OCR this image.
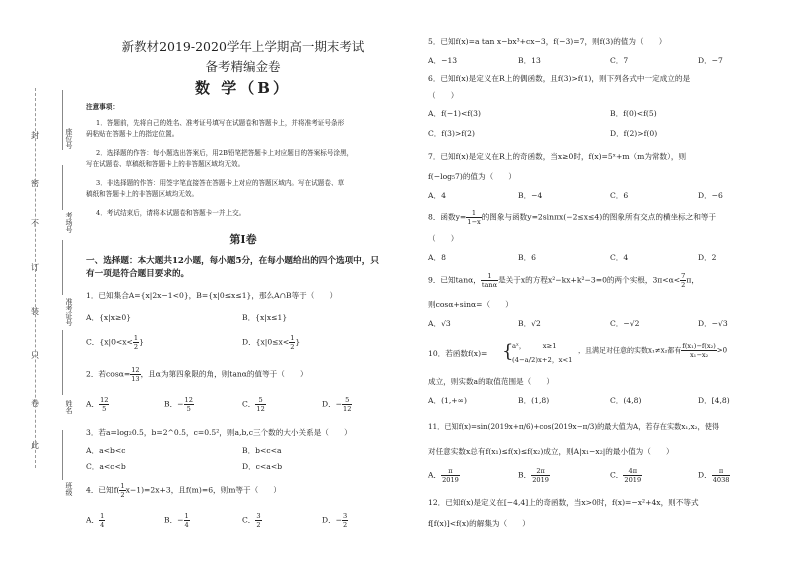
封
密
不
订
装
只
卷
此
座位号
考场号
准考证号
姓名
班级
新教材2019-2020学年上学期高一期末考试
备考精编金卷
数 学（B）
注意事项：
1．答题前，先将自己的姓名、准考证号填写在试题卷和答题卡上，并将准考证号条形
码粘贴在答题卡上的指定位置。
2．选择题的作答：每小题选出答案后，用2B铅笔把答题卡上对应题目的答案标号涂黑，
写在试题卷、草稿纸和答题卡上的非答题区域均无效。
3．非选择题的作答：用签字笔直接答在答题卡上对应的答题区域内。写在试题卷、草
稿纸和答题卡上的非答题区域均无效。
4．考试结束后，请将本试题卷和答题卡一并上交。
第Ⅰ卷
一、选择题：本大题共12小题，每小题5分，在每小题给出的四个选项中，只
有一项是符合题目要求的。
1．已知集合A={x|2x−1<0}，B={x|0≤x≤1}，那么A∩B等于（　　）
A．{x|x≥0}	B．{x|x≤1}
C．{$x|0<x< \frac{1}{2}$ }	D．{$x|0\le x< \frac{1}{2}$ }
2．若$\cos\alpha= \frac{12}{13}$ ，且α为第四象限的角，则tanα的值等于（　　）
A． $\frac{12}{5}$	B．− $\frac{12}{5}$	C． $\frac{5}{12}$	D．− $\frac{5}{12}$
3．若a=log₂0.5，b=2^0.5，c=0.5²，则a,b,c三个数的大小关系是（　　）
A．a<b<c	B．b<c<a
C．a<c<b	D．c<a<b
4．已知$f( \frac{1}{2} x-1)=2x+3$，且f(m)=6，则m等于（　　）
A． $\frac{1}{4}$	B．− $\frac{1}{4}$	C． $\frac{3}{2}$	D．− $\frac{3}{2}$
5．已知f(x)=a tan x−bx³+cx−3，f(−3)=7，则f(3)的值为（　　）
A．−13	B．13	C．7	D．−7
6．已知f(x)是定义在R上的偶函数，且f(3)>f(1)，则下列各式中一定成立的是
（　　）
A．f(−1)<f(3)	B．f(0)<f(5)
C．f(3)>f(2)	D．f(2)>f(0)
7．已知f(x)是定义在R上的奇函数，当x≥0时，f(x)=5ˣ+m（m为常数），则
f(−log₅7)的值为（　　）
A．4	B．−4	C．6	D．−6
8．函数$y= \frac{1}{1-x}$ 的图象与函数y=2sinπx(−2≤x≤4)的图象所有交点的横坐标之和等于
（　　）
A．8	B．6	C．4	D．2
9．已知tanα， $\frac{1}{\tan\alpha}$ 是关于x的方程x²−kx+k²−3=0的两个实根，$3\pi<\alpha< \frac{7}{2}$ π，
则cosα+sinα=（　　）
A．√3	B．√2	C．−√2	D．−√3
10．若函数f(x)= {
aˣ，　　　x≥1
(4−a/2)x+2，x<1
，且满足对任意的实数x₁≠x₂都有 $\frac{\text{f(x₁)−f(x₂)}}{\text{x₁−x₂}} >0$
成立，则实数a的取值范围是（　　）
A．(1,+∞)	B．(1,8)	C．(4,8)	D．[4,8)
11．已知f(x)=sin(2019x+π/6)+cos(2019x−π/3)的最大值为A，若存在实数x₁,x₂，使得
对任意实数x总有f(x₁)≤f(x)≤f(x₂)成立，则A|x₁−x₂|的最小值为（　　）
A． $\frac{\pi}{2019}$	B． $\frac{2\pi}{2019}$	C． $\frac{4\pi}{2019}$	D． $\frac{\pi}{4038}$
12．已知f(x)是定义在[−4,4]上的奇函数，当x>0时，f(x)=−x²+4x，则不等式
f[f(x)]<f(x)的解集为（　　）
